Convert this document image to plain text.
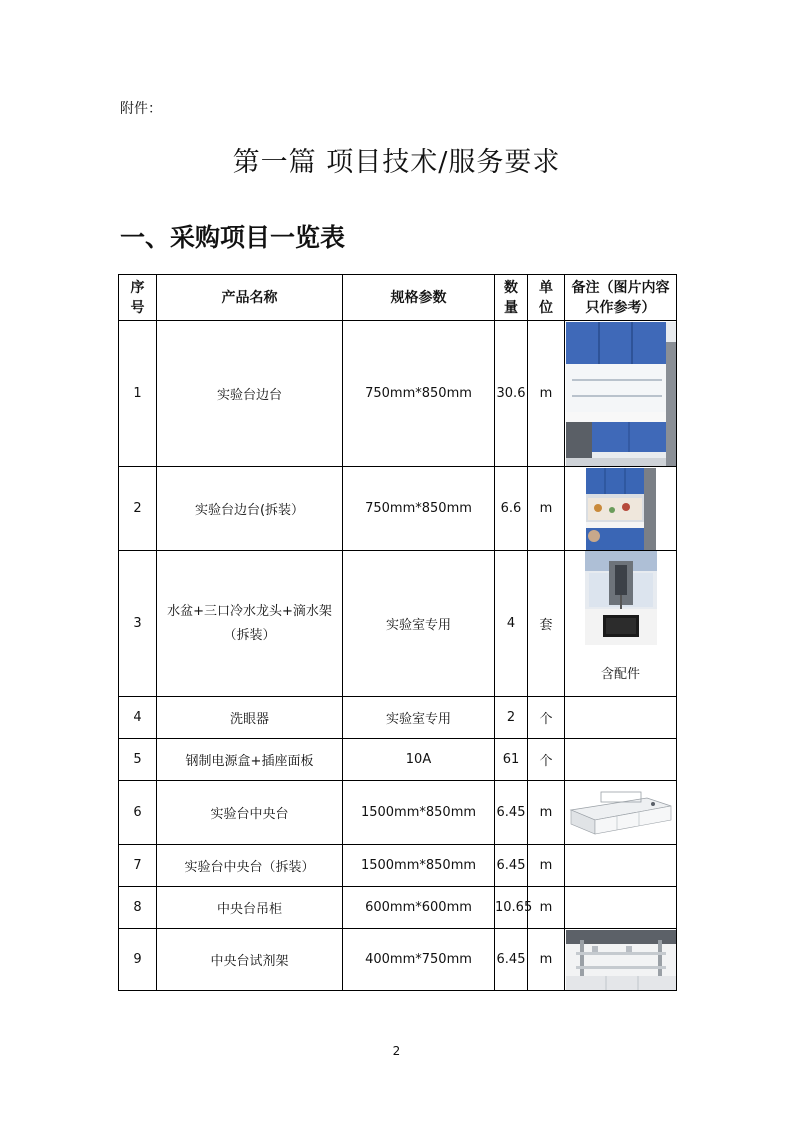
附件：
第一篇 项目技术/服务要求
一、采购项目一览表
序号	产品名称	规格参数	数量	单位	备注（图片内容只作参考）
1	实验台边台	750mm*850mm	30.6	m	

2	实验台边台(拆装）	750mm*850mm	6.6	m	

3	水盆+三口冷水龙头+滴水架（拆装）	实验室专用	4	套	含配件

4	洗眼器	实验室专用	2	个	
5	钢制电源盒+插座面板	10A	61	个	
6	实验台中央台	1500mm*850mm	6.45	m	

7	实验台中央台（拆装）	1500mm*850mm	6.45	m	
8	中央台吊柜	600mm*600mm	10.65	m	
9	中央台试剂架	400mm*750mm	6.45	m	
2
